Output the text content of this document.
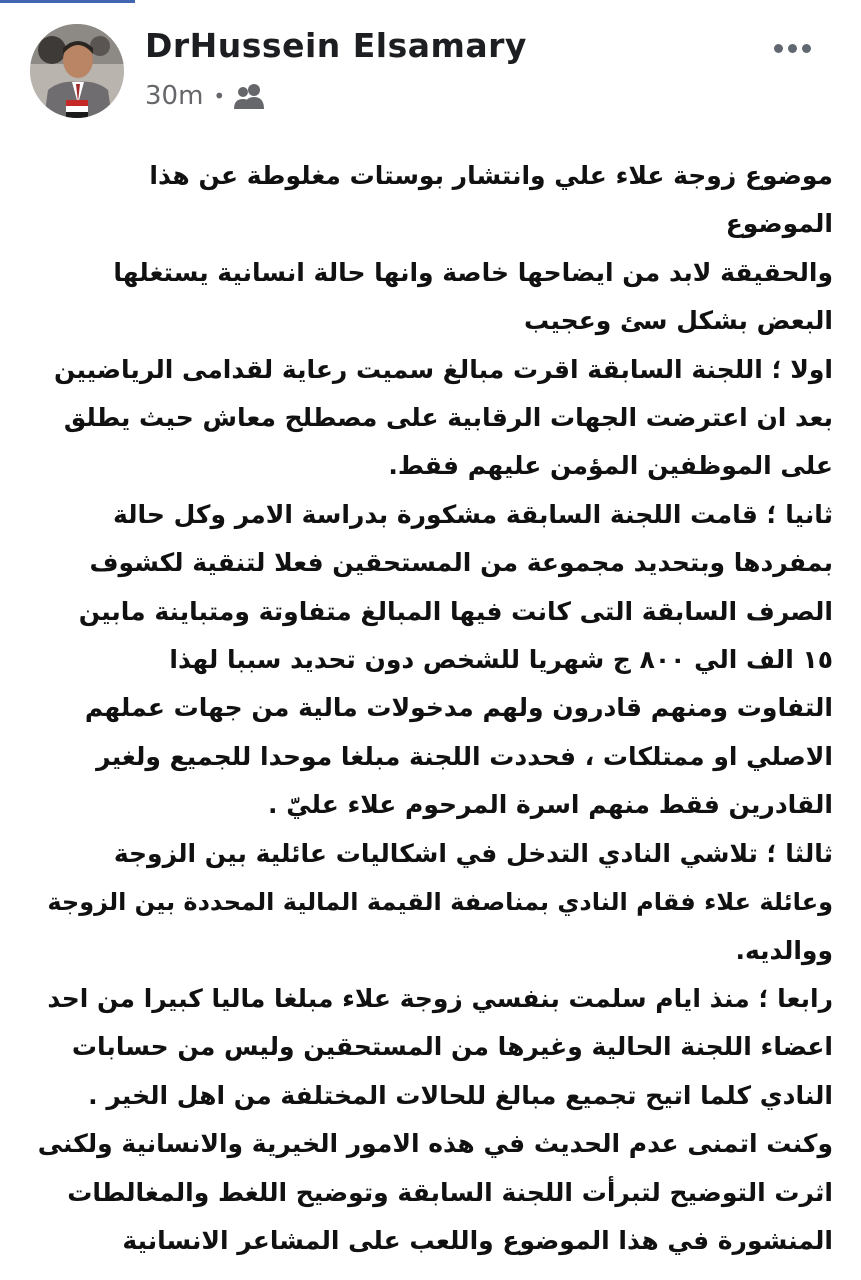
DrHussein Elsamary
30m •

موضوع زوجة علاء علي وانتشار بوستات مغلوطة عن هذا

الموضوع

والحقيقة لابد من ايضاحها خاصة وانها حالة انسانية يستغلها

البعض بشكل سئ وعجيب

اولا ؛ اللجنة السابقة اقرت مبالغ سميت رعاية لقدامى الرياضيين

بعد ان اعترضت الجهات الرقابية على مصطلح معاش حيث يطلق

على الموظفين المؤمن عليهم فقط.

ثانيا ؛ قامت اللجنة السابقة مشكورة بدراسة الامر وكل حالة

بمفردها وبتحديد مجموعة من المستحقين فعلا لتنقية لكشوف

الصرف السابقة التى كانت فيها المبالغ متفاوتة ومتباينة مابين

١٥ الف الي ٨٠٠ ج شهريا للشخص دون تحديد سببا لهذا

التفاوت ومنهم قادرون ولهم مدخولات مالية من جهات عملهم

الاصلي او ممتلكات ، فحددت اللجنة مبلغا موحدا للجميع ولغير

القادرين فقط منهم اسرة المرحوم علاء عليّ .

ثالثا ؛ تلاشي النادي التدخل في اشكاليات عائلية بين الزوجة

وعائلة علاء فقام النادي بمناصفة القيمة المالية المحددة بين الزوجة

ووالديه.

رابعا ؛ منذ ايام سلمت بنفسي زوجة علاء مبلغا ماليا كبيرا من احد

اعضاء اللجنة الحالية وغيرها من المستحقين وليس من حسابات

النادي كلما اتيح تجميع مبالغ للحالات المختلفة من اهل الخير .

وكنت اتمنى عدم الحديث في هذه الامور الخيرية والانسانية ولكنى

اثرت التوضيح لتبرأت اللجنة السابقة وتوضيح اللغط والمغالطات

المنشورة في هذا الموضوع واللعب على المشاعر الانسانية
